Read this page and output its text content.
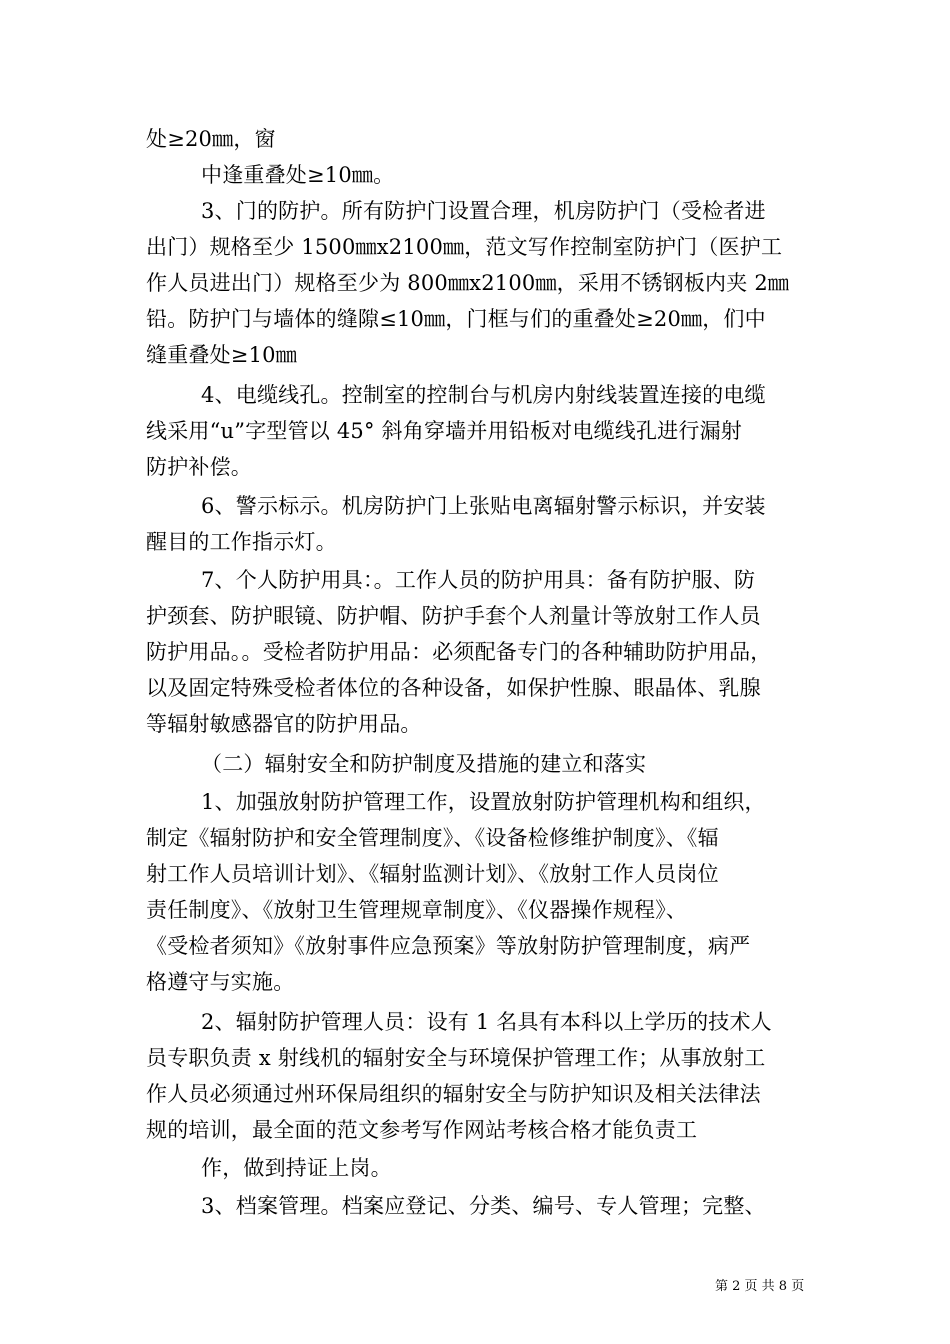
处≥20㎜，窗
中逢重叠处≥10㎜。
3、门的防护。所有防护门设置合理，机房防护门（受检者进
出门）规格至少 1500㎜x2100㎜，范文写作控制室防护门（医护工
作人员进出门）规格至少为 800㎜x2100㎜，采用不锈钢板内夹 2㎜
铅。防护门与墙体的缝隙≤10㎜，门框与们的重叠处≥20㎜，们中
缝重叠处≥10㎜
4、电缆线孔。控制室的控制台与机房内射线装置连接的电缆
线采用“u”字型管以 45° 斜角穿墙并用铅板对电缆线孔进行漏射
防护补偿。
6、警示标示。机房防护门上张贴电离辐射警示标识，并安装
醒目的工作指示灯。
7、个人防护用具：。工作人员的防护用具：备有防护服、防
护颈套、防护眼镜、防护帽、防护手套个人剂量计等放射工作人员
防护用品。。受检者防护用品：必须配备专门的各种辅助防护用品，
以及固定特殊受检者体位的各种设备，如保护性腺、眼晶体、乳腺
等辐射敏感器官的防护用品。
（二）辐射安全和防护制度及措施的建立和落实
1、加强放射防护管理工作，设置放射防护管理机构和组织，
制定《辐射防护和安全管理制度》、《设备检修维护制度》、《辐
射工作人员培训计划》、《辐射监测计划》、《放射工作人员岗位
责任制度》、《放射卫生管理规章制度》、《仪器操作规程》、
《受检者须知》《放射事件应急预案》等放射防护管理制度，病严
格遵守与实施。
2、辐射防护管理人员：设有 1 名具有本科以上学历的技术人
员专职负责 x 射线机的辐射安全与环境保护管理工作；从事放射工
作人员必须通过州环保局组织的辐射安全与防护知识及相关法律法
规的培训，最全面的范文参考写作网站考核合格才能负责工
作，做到持证上岗。
3、档案管理。档案应登记、分类、编号、专人管理；完整、
第 2 页 共 8 页
